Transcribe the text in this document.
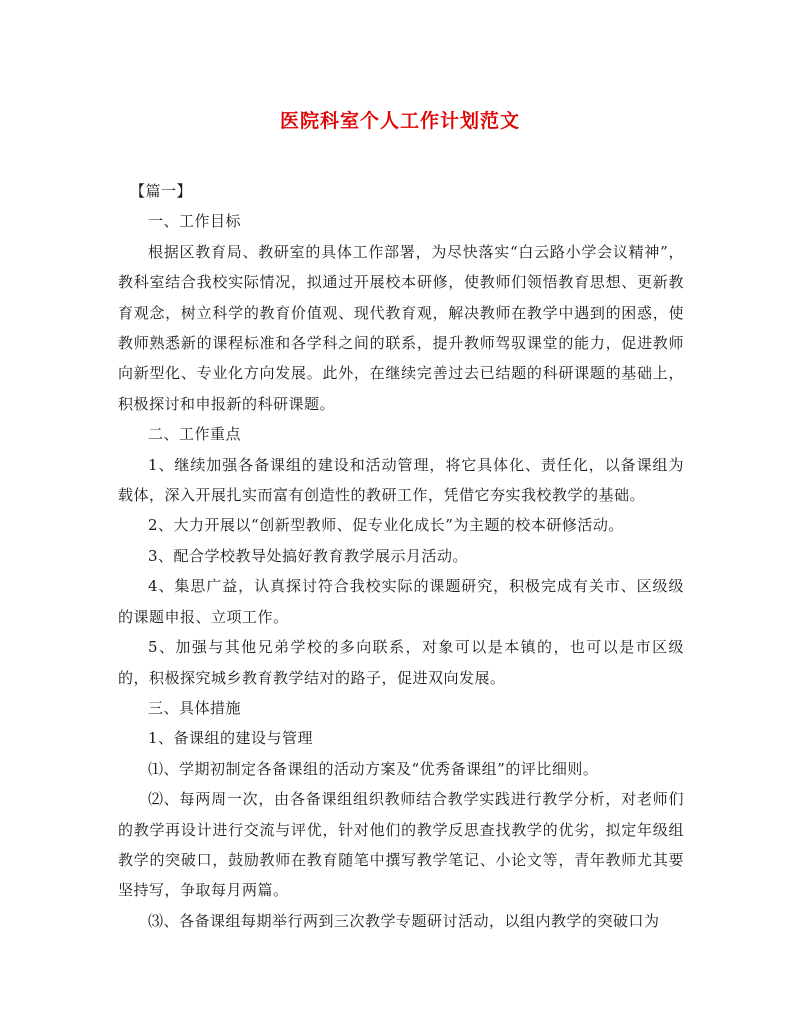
医院科室个人工作计划范文

【篇一】

一、工作目标

根据区教育局、教研室的具体工作部署，为尽快落实“白云路小学会议精神”，教科室结合我校实际情况，拟通过开展校本研修，使教师们领悟教育思想、更新教育观念，树立科学的教育价值观、现代教育观，解决教师在教学中遇到的困惑，使教师熟悉新的课程标准和各学科之间的联系，提升教师驾驭课堂的能力，促进教师向新型化、专业化方向发展。此外，在继续完善过去已结题的科研课题的基础上，积极探讨和申报新的科研课题。

二、工作重点

1、继续加强各备课组的建设和活动管理，将它具体化、责任化，以备课组为载体，深入开展扎实而富有创造性的教研工作，凭借它夯实我校教学的基础。

2、大力开展以“创新型教师、促专业化成长”为主题的校本研修活动。

3、配合学校教导处搞好教育教学展示月活动。

4、集思广益，认真探讨符合我校实际的课题研究，积极完成有关市、区级级的课题申报、立项工作。

5、加强与其他兄弟学校的多向联系，对象可以是本镇的，也可以是市区级的，积极探究城乡教育教学结对的路子，促进双向发展。

三、具体措施

1、备课组的建设与管理

⑴、学期初制定各备课组的活动方案及“优秀备课组”的评比细则。

⑵、每两周一次，由各备课组组织教师结合教学实践进行教学分析，对老师们的教学再设计进行交流与评优，针对他们的教学反思查找教学的优劣，拟定年级组教学的突破口，鼓励教师在教育随笔中撰写教学笔记、小论文等，青年教师尤其要坚持写，争取每月两篇。

⑶、各备课组每期举行两到三次教学专题研讨活动，以组内教学的突破口为
